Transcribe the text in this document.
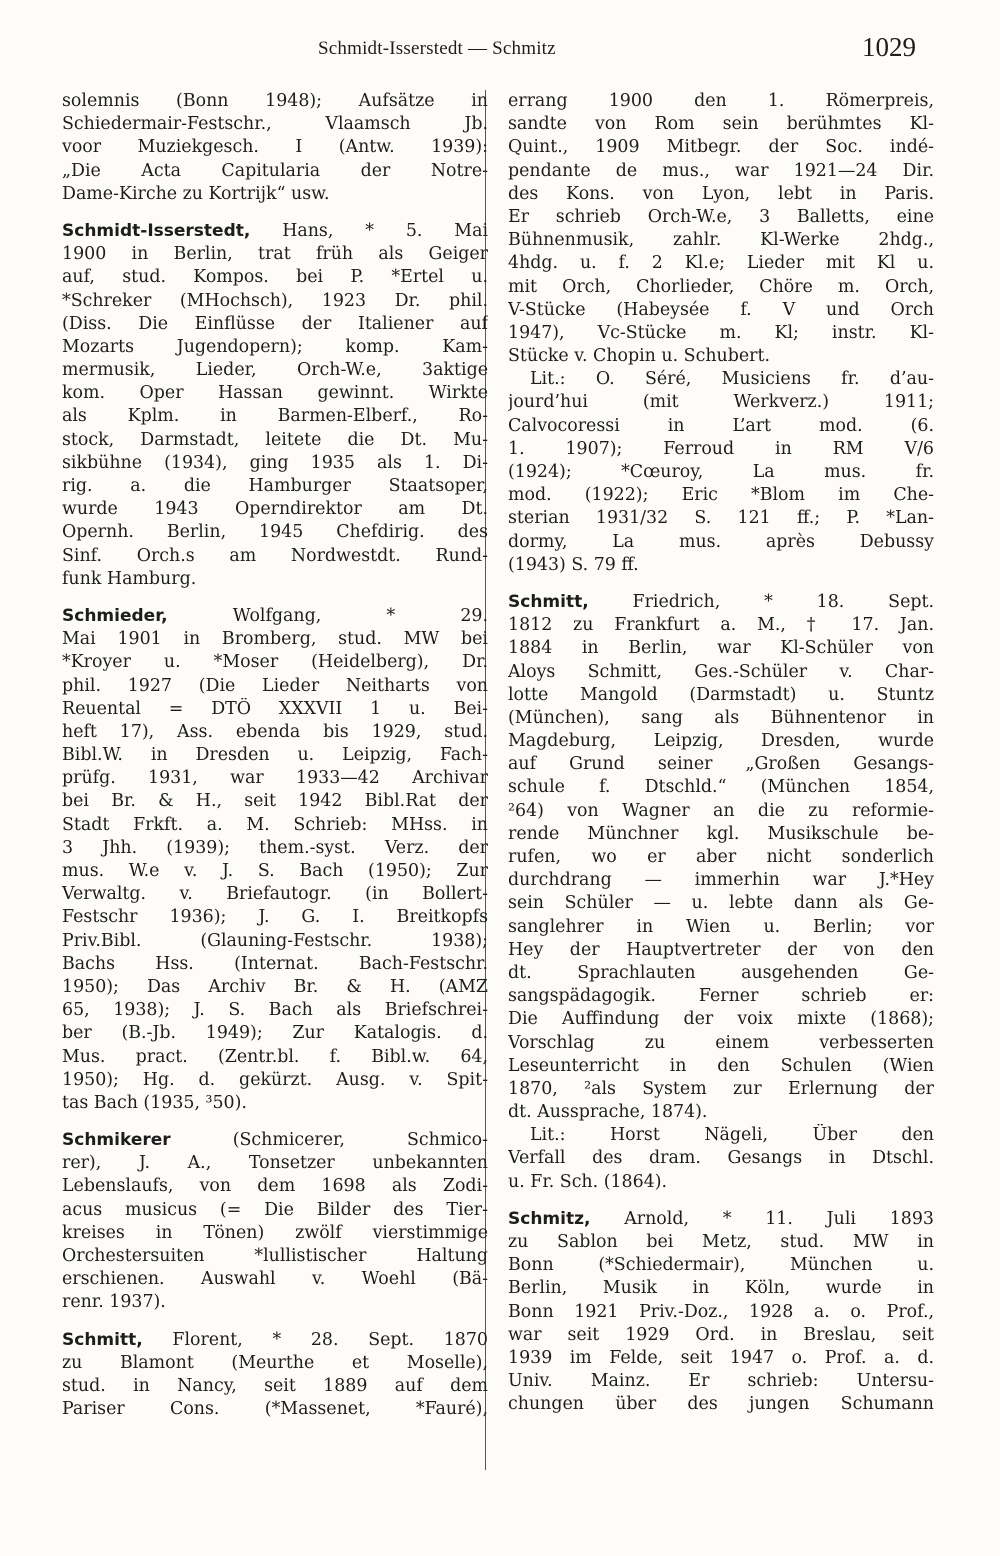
Schmidt-Isserstedt — Schmitz	1029
solemnis (Bonn 1948); Aufsätze in
Schiedermair-Festschr., Vlaamsch Jb.
voor Muziekgesch. I (Antw. 1939):
„Die Acta Capitularia der Notre-
Dame-Kirche zu Kortrijk“ usw.
Schmidt-Isserstedt, Hans, * 5. Mai
1900 in Berlin, trat früh als Geiger
auf, stud. Kompos. bei P. *Ertel u.
*Schreker (MHochsch), 1923 Dr. phil.
(Diss. Die Einflüsse der Italiener auf
Mozarts Jugendopern); komp. Kam-
mermusik, Lieder, Orch-W.e, 3aktige
kom. Oper Hassan gewinnt. Wirkte
als Kplm. in Barmen-Elberf., Ro-
stock, Darmstadt, leitete die Dt. Mu-
sikbühne (1934), ging 1935 als 1. Di-
rig. a. die Hamburger Staatsoper,
wurde 1943 Operndirektor am Dt.
Opernh. Berlin, 1945 Chefdirig. des
Sinf. Orch.s am Nordwestdt. Rund-
funk Hamburg.
Schmieder,	Wolfgang, * 29.
Mai 1901 in Bromberg, stud. MW bei
*Kroyer u. *Moser (Heidelberg), Dr.
phil. 1927 (Die Lieder Neitharts von
Reuental = DTÖ XXXVII 1 u. Bei-
heft 17), Ass. ebenda bis 1929, stud.
Bibl.W. in Dresden u. Leipzig, Fach-
prüfg. 1931, war 1933—42 Archivar
bei Br. & H., seit 1942 Bibl.Rat der
Stadt Frkft. a. M. Schrieb: MHss. in
3 Jhh. (1939); them.-syst. Verz. der
mus. W.e v. J. S. Bach (1950); Zur
Verwaltg. v. Briefautogr. (in Bollert-
Festschr 1936); J. G. I. Breitkopfs
Priv.Bibl. (Glauning-Festschr. 1938);
Bachs Hss. (Internat. Bach-Festschr.
1950); Das Archiv Br. & H. (AMZ
65, 1938); J. S. Bach als Briefschrei-
ber (B.-Jb. 1949); Zur Katalogis. d.
Mus. pract. (Zentr.bl. f. Bibl.w. 64,
1950); Hg. d. gekürzt. Ausg. v. Spit-
tas Bach (1935, ³50).
Schmikerer	(Schmicerer, Schmico-
rer), J. A., Tonsetzer unbekannten
Lebenslaufs, von dem 1698 als Zodi-
acus musicus (= Die Bilder des Tier-
kreises in Tönen) zwölf vierstimmige
Orchestersuiten *lullistischer Haltung
erschienen. Auswahl v. Woehl (Bä-
renr. 1937).
Schmitt, Florent, * 28. Sept. 1870
zu Blamont (Meurthe et Moselle),
stud. in Nancy, seit 1889 auf dem
Pariser Cons. (*Massenet, *Fauré),
errang 1900 den 1. Römerpreis,
sandte von Rom sein berühmtes Kl-
Quint., 1909 Mitbegr. der Soc. indé-
pendante de mus., war 1921—24 Dir.
des Kons. von Lyon, lebt in Paris.
Er schrieb Orch-W.e, 3 Balletts, eine
Bühnenmusik, zahlr. Kl-Werke 2hdg.,
4hdg. u. f. 2 Kl.e; Lieder mit Kl u.
mit Orch, Chorlieder, Chöre m. Orch,
V-Stücke (Habeysée f. V und Orch
1947), Vc-Stücke m. Kl; instr. Kl-
Stücke v. Chopin u. Schubert.
Lit.: O. Séré, Musiciens fr. d’au-
jourd’hui (mit Werkverz.) 1911;
Calvocoressi in L’art mod. (6.
1. 1907); Ferroud in RM V/6
(1924); *Cœuroy, La mus. fr.
mod. (1922); Eric *Blom im Che-
sterian 1931/32 S. 121 ff.; P. *Lan-
dormy, La mus. après Debussy
(1943) S. 79 ff.
Schmitt,	Friedrich, * 18. Sept.
1812 zu Frankfurt a. M., † 17. Jan.
1884 in Berlin, war Kl-Schüler von
Aloys Schmitt, Ges.-Schüler v. Char-
lotte Mangold (Darmstadt) u. Stuntz
(München), sang als Bühnentenor in
Magdeburg, Leipzig, Dresden, wurde
auf Grund seiner „Großen Gesangs-
schule f. Dtschld.“ (München 1854,
²64) von Wagner an die zu reformie-
rende Münchner kgl. Musikschule be-
rufen, wo er aber nicht sonderlich
durchdrang — immerhin war J.*Hey
sein Schüler — u. lebte dann als Ge-
sanglehrer in Wien u. Berlin; vor
Hey der Hauptvertreter der von den
dt. Sprachlauten ausgehenden Ge-
sangspädagogik. Ferner schrieb er:
Die Auffindung der voix mixte (1868);
Vorschlag zu einem verbesserten
Leseunterricht in den Schulen (Wien
1870, ²als System zur Erlernung der
dt. Aussprache, 1874).
Lit.: Horst Nägeli, Über den
Verfall des dram. Gesangs in Dtschl.
u. Fr. Sch. (1864).
Schmitz, Arnold, * 11. Juli 1893
zu Sablon bei Metz, stud. MW in
Bonn (*Schiedermair), München u.
Berlin, Musik in Köln, wurde in
Bonn 1921 Priv.-Doz., 1928 a. o. Prof.,
war seit 1929 Ord. in Breslau, seit
1939 im Felde, seit 1947 o. Prof. a. d.
Univ. Mainz. Er schrieb: Untersu-
chungen über des jungen Schumann
